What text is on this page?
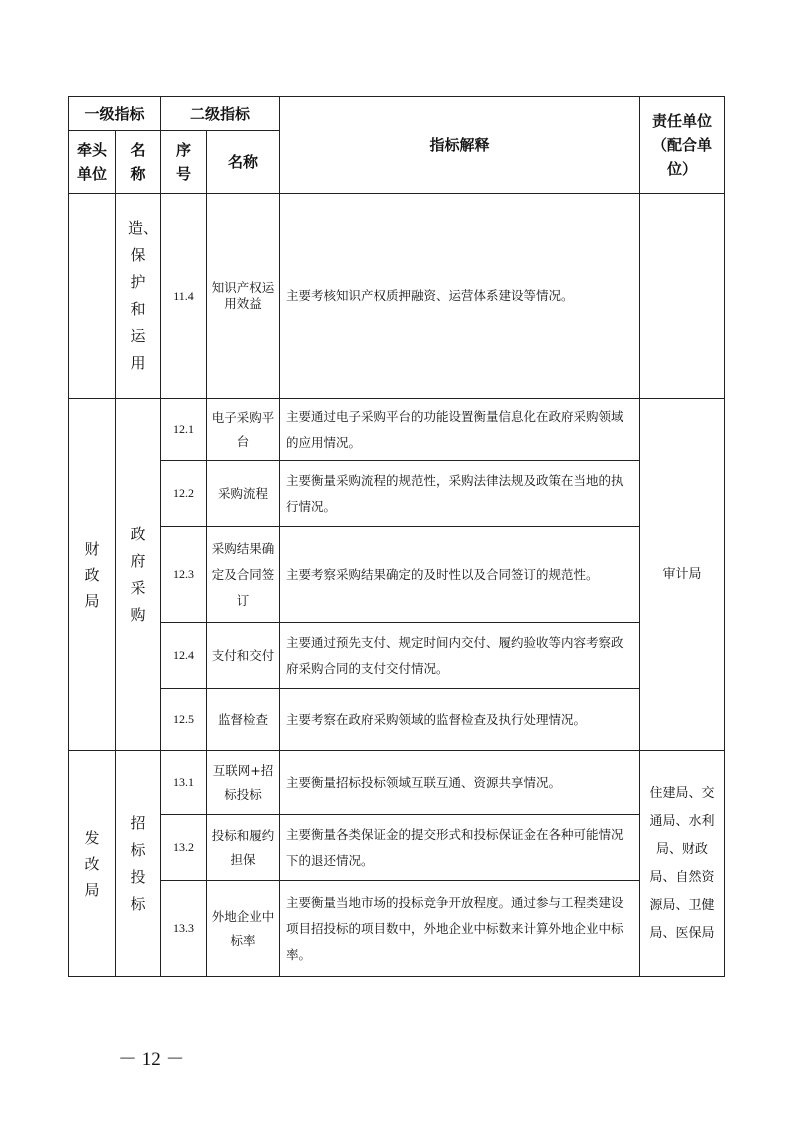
一级指标		二级指标		指标解释	责任单位（配合单位）
牵头单位	名称	序号	名称		
	造、保护和运用	11.4	知识产权运用效益	主要考核知识产权质押融资、运营体系建设等情况。	
财政局	政府采购	12.1	电子采购平台	主要通过电子采购平台的功能设置衡量信息化在政府采购领域的应用情况。	审计局
		12.2	采购流程	主要衡量采购流程的规范性，采购法律法规及政策在当地的执行情况。	
		12.3	采购结果确定及合同签订	主要考察采购结果确定的及时性以及合同签订的规范性。	
		12.4	支付和交付	主要通过预先支付、规定时间内交付、履约验收等内容考察政府采购合同的支付交付情况。	
		12.5	监督检查	主要考察在政府采购领域的监督检查及执行处理情况。	
发改局	招标投标	13.1	互联网+招标投标	主要衡量招标投标领域互联互通、资源共享情况。	住建局、交通局、水利局、财政局、自然资源局、卫健局、医保局
		13.2	投标和履约担保	主要衡量各类保证金的提交形式和投标保证金在各种可能情况下的退还情况。	
		13.3	外地企业中标率	主要衡量当地市场的投标竞争开放程度。通过参与工程类建设项目招投标的项目数中，外地企业中标数来计算外地企业中标率。	
－ 12 －
